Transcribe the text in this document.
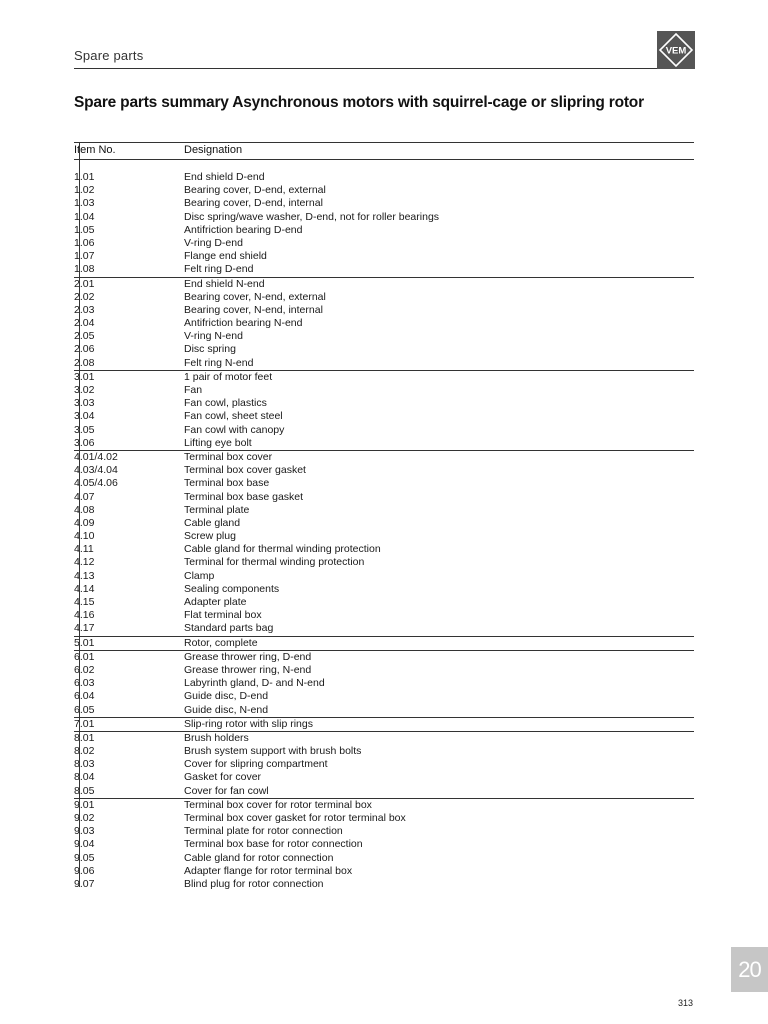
Spare parts	VEM
Spare parts summary Asynchronous motors with squirrel-cage or slipring rotor
Item No.	Designation
1.01	End shield D-end
1.02	Bearing cover, D-end, external
1.03	Bearing cover, D-end, internal
1.04	Disc spring/wave washer, D-end, not for roller bearings
1.05	Antifriction bearing D-end
1.06	V-ring D-end
1.07	Flange end shield
1.08	Felt ring D-end
2.01	End shield N-end
2.02	Bearing cover, N-end, external
2.03	Bearing cover, N-end, internal
2.04	Antifriction bearing N-end
2.05	V-ring N-end
2.06	Disc spring
2.08	Felt ring N-end
3.01	1 pair of motor feet
3.02	Fan
3.03	Fan cowl, plastics
3.04	Fan cowl, sheet steel
3.05	Fan cowl with canopy
3.06	Lifting eye bolt
4.01/4.02	Terminal box cover
4.03/4.04	Terminal box cover gasket
4.05/4.06	Terminal box base
4.07	Terminal box base gasket
4.08	Terminal plate
4.09	Cable gland
4.10	Screw plug
4.11	Cable gland for thermal winding protection
4.12	Terminal for thermal winding protection
4.13	Clamp
4.14	Sealing components
4.15	Adapter plate
4.16	Flat terminal box
4.17	Standard parts bag
5.01	Rotor, complete
6.01	Grease thrower ring, D-end
6.02	Grease thrower ring, N-end
6.03	Labyrinth gland, D- and N-end
6.04	Guide disc, D-end
6.05	Guide disc, N-end
7.01	Slip-ring rotor with slip rings
8.01	Brush holders
8.02	Brush system support with brush bolts
8.03	Cover for slipring compartment
8.04	Gasket for cover
8.05	Cover for fan cowl
9.01	Terminal box cover for rotor terminal box
9.02	Terminal box cover gasket for rotor terminal box
9.03	Terminal plate for rotor connection
9.04	Terminal box base for rotor connection
9.05	Cable gland for rotor connection
9.06	Adapter flange for rotor terminal box
9.07	Blind plug for rotor connection
20
313
